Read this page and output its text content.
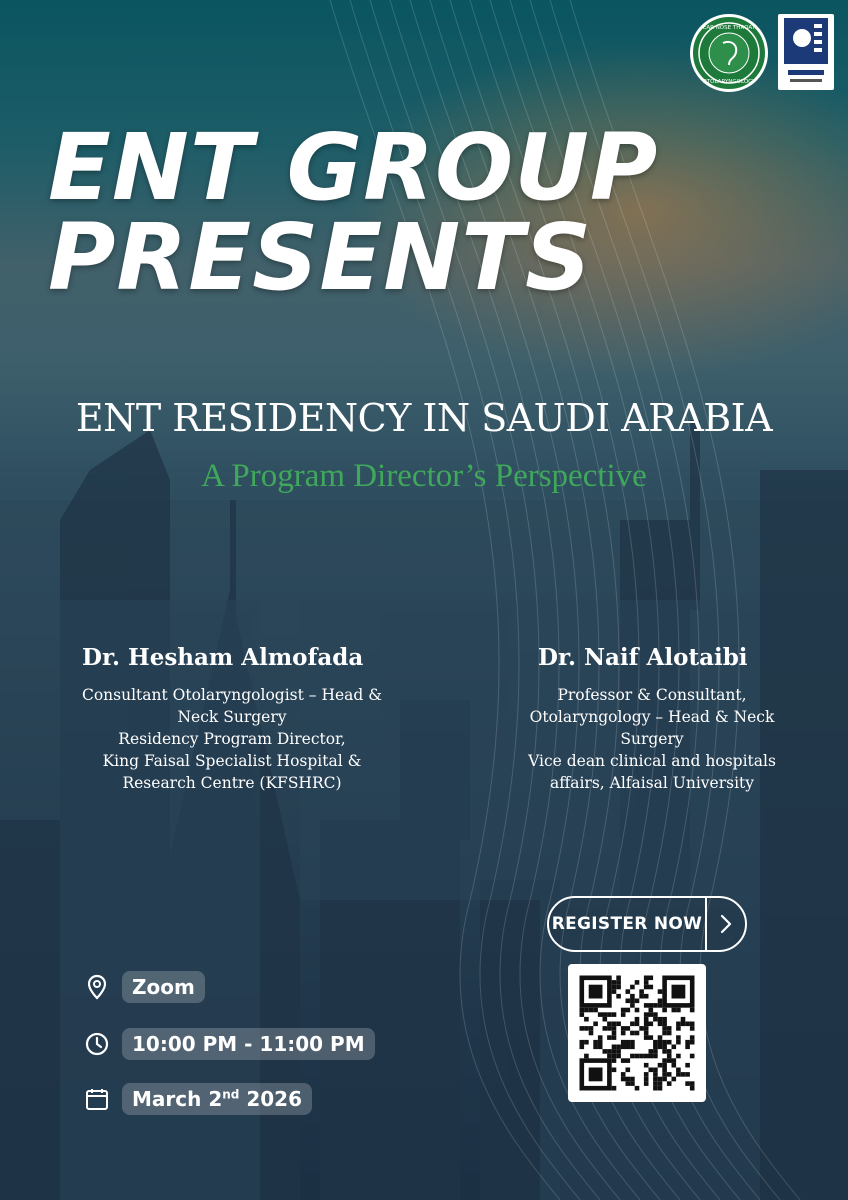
EAR NOSE THROAT
OTOLARYNGOLOGY
ENT GROUP
PRESENTS
ENT RESIDENCY IN SAUDI ARABIA
A Program Director’s Perspective
Dr. Hesham Almofada
Consultant Otolaryngologist – Head &
Neck Surgery
Residency Program Director,
King Faisal Specialist Hospital &
Research Centre (KFSHRC)
Dr. Naif Alotaibi
Professor & Consultant,
Otolaryngology – Head & Neck
Surgery
Vice dean clinical and hospitals
affairs, Alfaisal University
Zoom
10:00 PM - 11:00 PM
March 2nd 2026
REGISTER NOW
